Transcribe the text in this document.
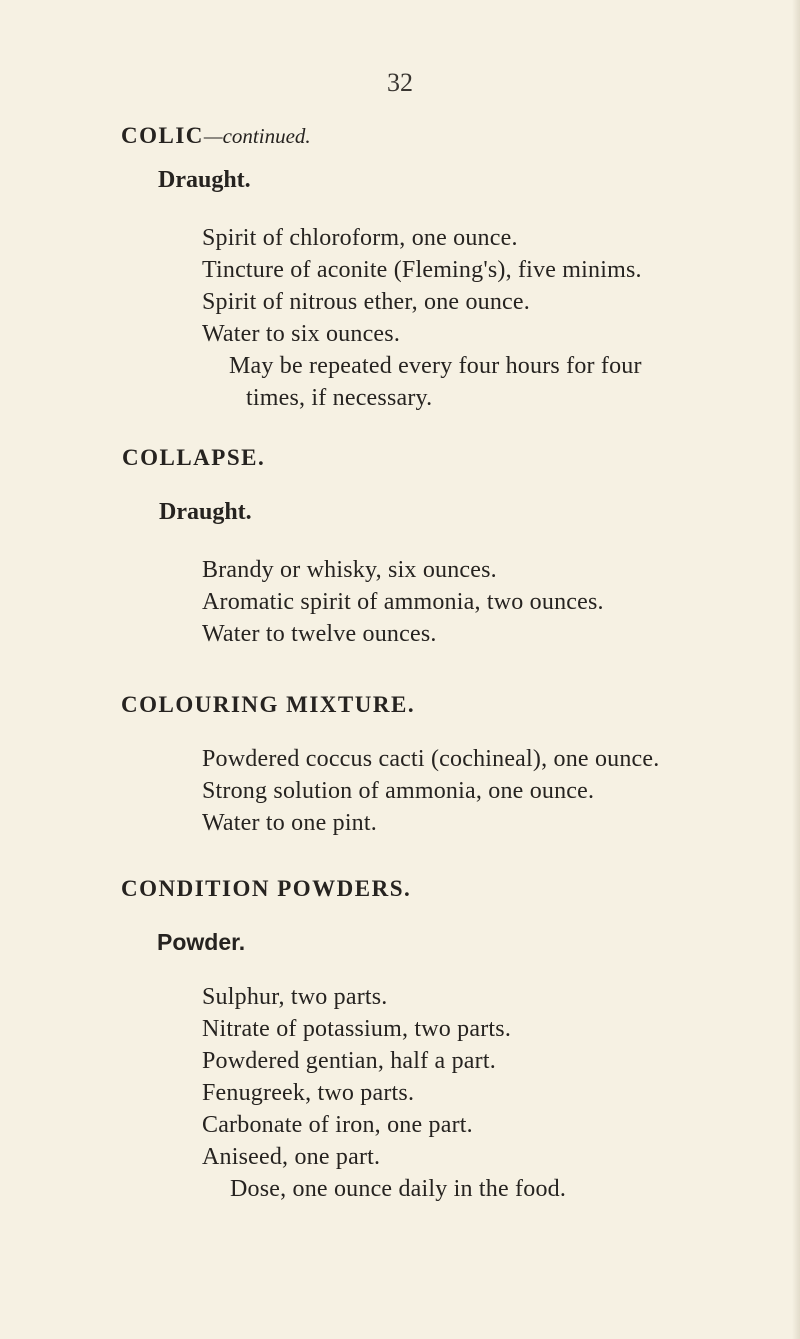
32
COLIC—continued.
Draught.
Spirit of chloroform, one ounce.
Tincture of aconite (Fleming's), five minims.
Spirit of nitrous ether, one ounce.
Water to six ounces.
May be repeated every four hours for four
times, if necessary.
COLLAPSE.
Draught.
Brandy or whisky, six ounces.
Aromatic spirit of ammonia, two ounces.
Water to twelve ounces.
COLOURING MIXTURE.
Powdered coccus cacti (cochineal), one ounce.
Strong solution of ammonia, one ounce.
Water to one pint.
CONDITION POWDERS.
Powder.
Sulphur, two parts.
Nitrate of potassium, two parts.
Powdered gentian, half a part.
Fenugreek, two parts.
Carbonate of iron, one part.
Aniseed, one part.
Dose, one ounce daily in the food.
